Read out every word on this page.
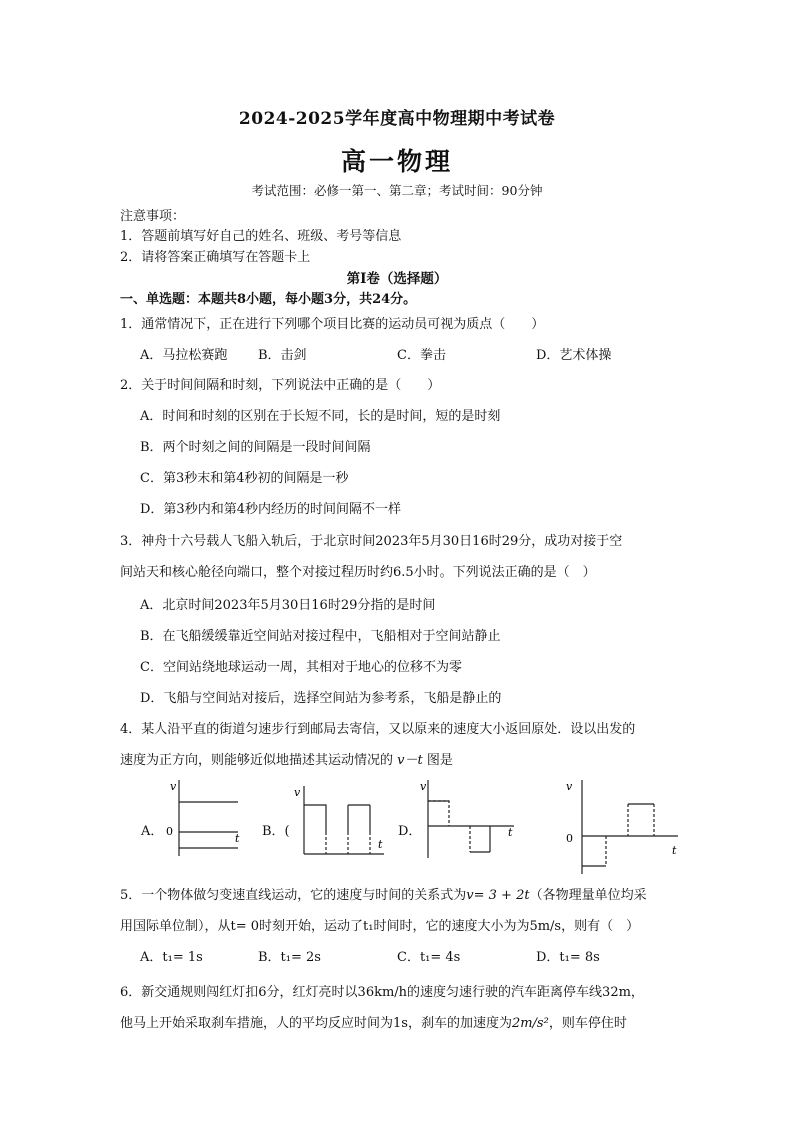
2024-2025学年度高中物理期中考试卷
高一物理
考试范围：必修一第一、第二章；考试时间：90分钟
注意事项：
1．答题前填写好自己的姓名、班级、考号等信息
2．请将答案正确填写在答题卡上
第Ⅰ卷（选择题）
一、单选题：本题共8小题，每小题3分，共24分。
1．通常情况下，正在进行下列哪个项目比赛的运动员可视为质点（　　）
A．马拉松赛跑 B．击剑	C．拳击	D．艺术体操
2．关于时间间隔和时刻，下列说法中正确的是（　　）
A．时间和时刻的区别在于长短不同，长的是时间，短的是时刻
B．两个时刻之间的间隔是一段时间间隔
C．第3秒末和第4秒初的间隔是一秒
D．第3秒内和第4秒内经历的时间间隔不一样
3．神舟十六号载人飞船入轨后，于北京时间2023年5月30日16时29分，成功对接于空
间站天和核心舱径向端口，整个对接过程历时约6.5小时。下列说法正确的是（　）
A．北京时间2023年5月30日16时29分指的是时间
B．在飞船缓缓靠近空间站对接过程中，飞船相对于空间站静止
C．空间站绕地球运动一周，其相对于地心的位移不为零
D．飞船与空间站对接后，选择空间站为参考系，飞船是静止的
4．某人沿平直的街道匀速步行到邮局去寄信，又以原来的速度大小返回原处．设以出发的
速度为正方向，则能够近似地描述其运动情况的 v－t 图是
A．
v
0
t B．(
v
t
D．
v
t
v
0
t
5．一个物体做匀变速直线运动，它的速度与时间的关系式为v= 3 + 2t（各物理量单位均采
用国际单位制），从t= 0时刻开始，运动了t₁时间时，它的速度大小为为5m/s，则有（　）
A．t₁= 1s	B．t₁= 2s	C．t₁= 4s	D．t₁= 8s
6．新交通规则闯红灯扣6分，红灯亮时以36km/h的速度匀速行驶的汽车距离停车线32m，
他马上开始采取刹车措施，人的平均反应时间为1s，刹车的加速度为2m/s²，则车停住时
